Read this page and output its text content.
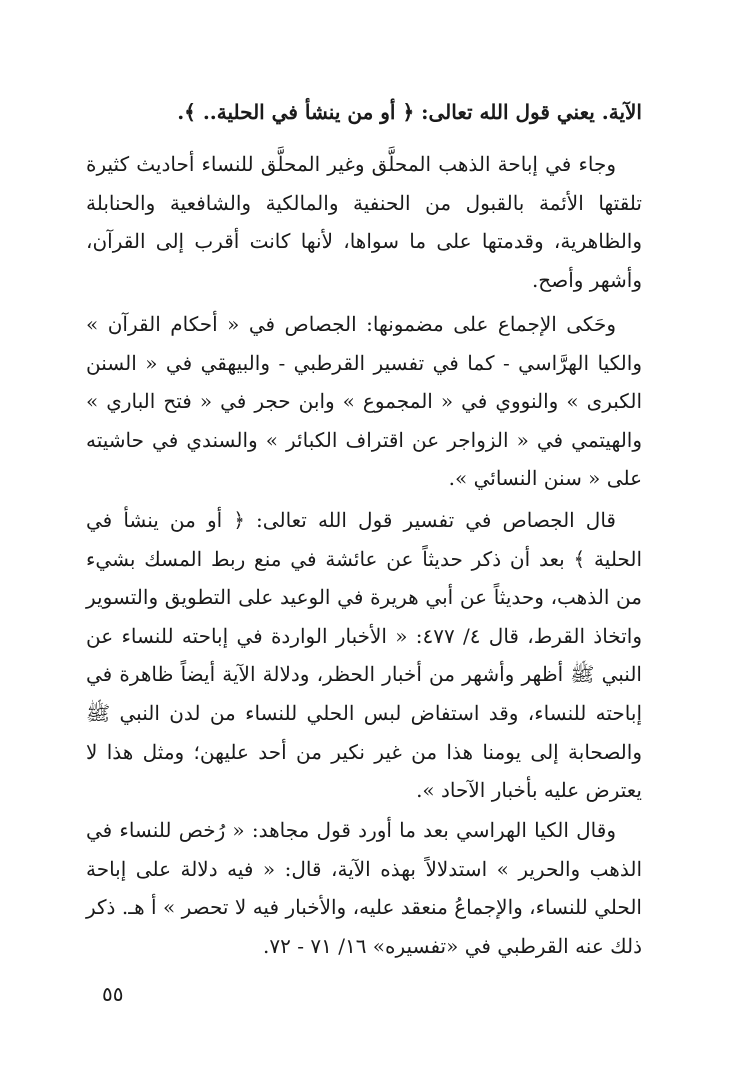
الآية. يعني قول الله تعالى: ﴿ أو من ينشأ في الحلية.. ﴾.
وجاء في إباحة الذهب المحلَّق وغير المحلَّق للنساء أحاديث كثيرة تلقتها الأئمة بالقبول من الحنفية والمالكية والشافعية والحنابلة والظاهرية، وقدمتها على ما سواها، لأنها كانت أقرب إلى القرآن، وأشهر وأصح.
وحَكى الإجماع على مضمونها: الجصاص في « أحكام القرآن » والكيا الهرَّاسي - كما في تفسير القرطبي - والبيهقي في « السنن الكبرى » والنووي في « المجموع » وابن حجر في « فتح الباري » والهيتمي في « الزواجر عن اقتراف الكبائر » والسندي في حاشيته على « سنن النسائي ».
قال الجصاص في تفسير قول الله تعالى: ﴿ أو من ينشأ في الحلية ﴾ بعد أن ذكر حديثاً عن عائشة في منع ربط المسك بشيء من الذهب، وحديثاً عن أبي هريرة في الوعيد على التطويق والتسوير واتخاذ القرط، قال ٤/ ٤٧٧: « الأخبار الواردة في إباحته للنساء عن النبي ﷺ أظهر وأشهر من أخبار الحظر، ودلالة الآية أيضاً ظاهرة في إباحته للنساء، وقد استفاض لبس الحلي للنساء من لدن النبي ﷺ والصحابة إلى يومنا هذا من غير نكير من أحد عليهن؛ ومثل هذا لا يعترض عليه بأخبار الآحاد ».
وقال الكيا الهراسي بعد ما أورد قول مجاهد: « رُخص للنساء في الذهب والحرير » استدلالاً بهذه الآية، قال: « فيه دلالة على إباحة الحلي للنساء، والإجماعُ منعقد عليه، والأخبار فيه لا تحصر » أ هـ. ذكر ذلك عنه القرطبي في «تفسيره» ١٦/ ٧١ - ٧٢.
٥٥
